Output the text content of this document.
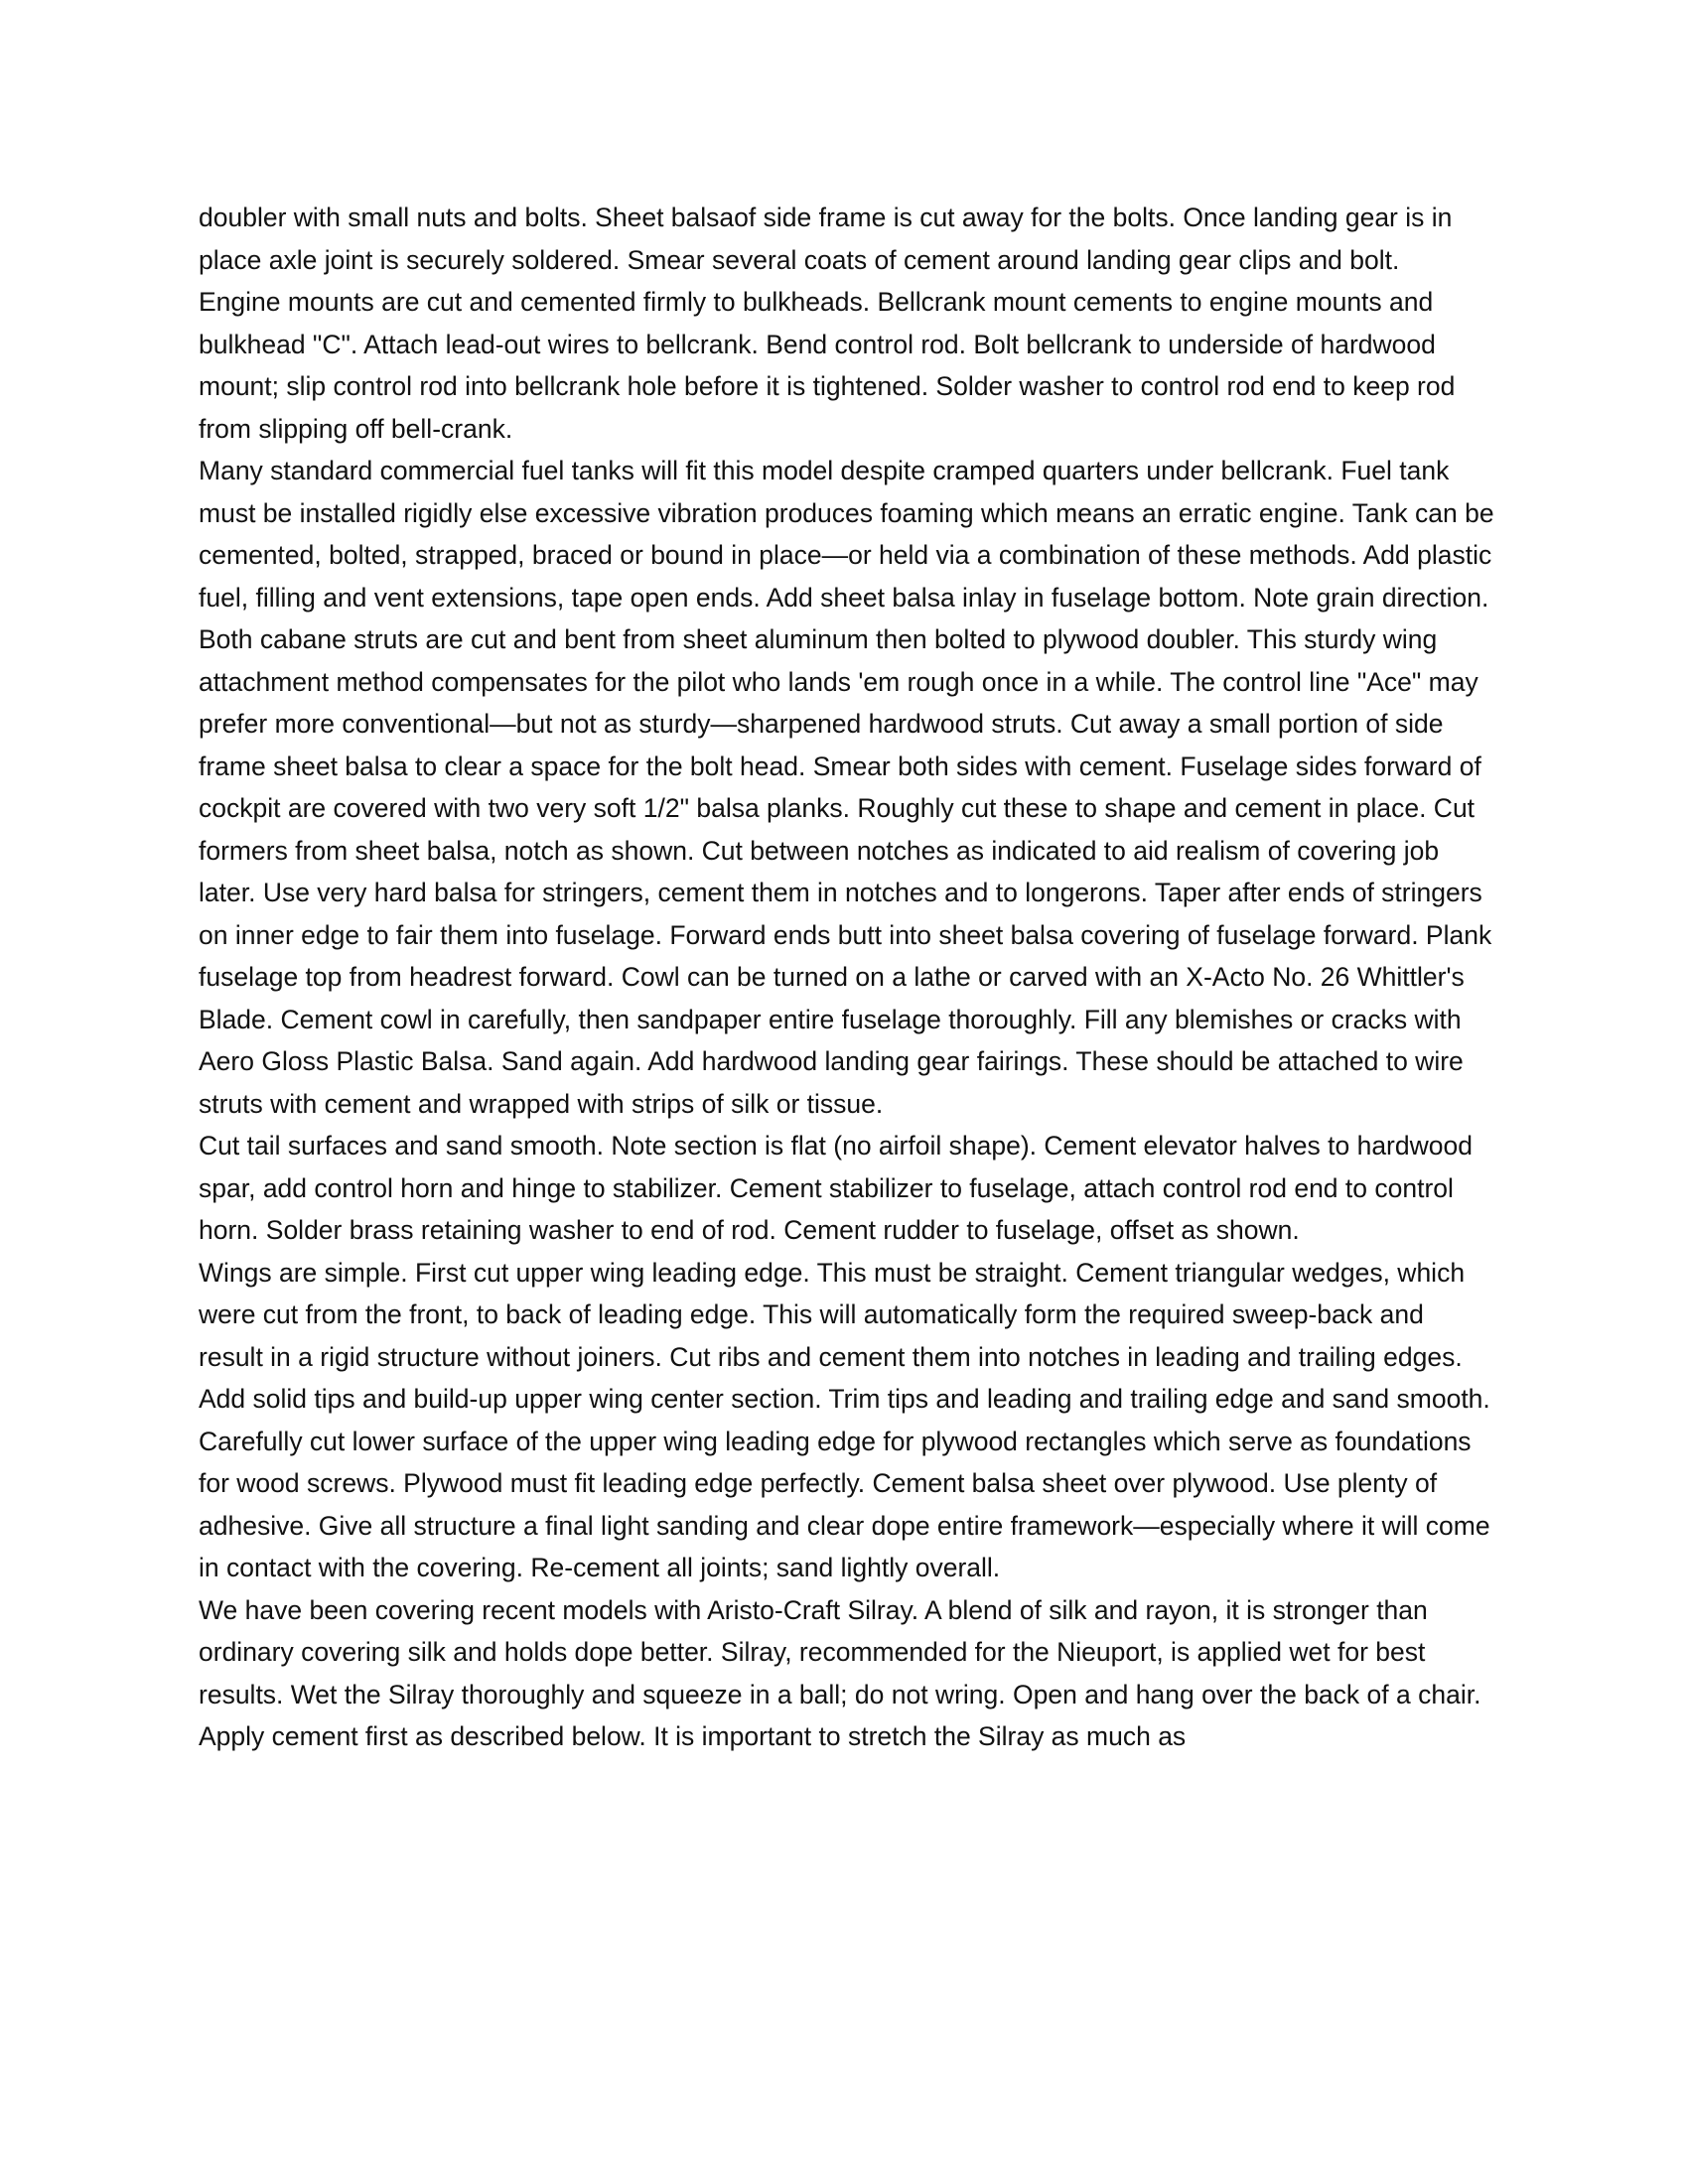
doubler with small nuts and bolts. Sheet balsaof side frame is cut away for the bolts. Once landing gear is in place axle joint is securely soldered. Smear several coats of cement around landing gear clips and bolt.

Engine mounts are cut and cemented firmly to bulkheads. Bellcrank mount cements to engine mounts and bulkhead "C". Attach lead-out wires to bellcrank. Bend control rod. Bolt bellcrank to underside of hardwood mount; slip control rod into bellcrank hole before it is tightened. Solder washer to control rod end to keep rod from slipping off bell-crank.

Many standard commercial fuel tanks will fit this model despite cramped quarters under bellcrank. Fuel tank must be installed rigidly else excessive vibration produces foaming which means an erratic engine. Tank can be cemented, bolted, strapped, braced or bound in place—or held via a combination of these methods. Add plastic fuel, filling and vent extensions, tape open ends. Add sheet balsa inlay in fuselage bottom. Note grain direction.

Both cabane struts are cut and bent from sheet aluminum then bolted to plywood doubler. This sturdy wing attachment method compensates for the pilot who lands 'em rough once in a while. The control line "Ace" may prefer more conventional—but not as sturdy—sharpened hardwood struts. Cut away a small portion of side frame sheet balsa to clear a space for the bolt head. Smear both sides with cement. Fuselage sides forward of cockpit are covered with two very soft 1/2" balsa planks. Roughly cut these to shape and cement in place. Cut formers from sheet balsa, notch as shown. Cut between notches as indicated to aid realism of covering job later. Use very hard balsa for stringers, cement them in notches and to longerons. Taper after ends of stringers on inner edge to fair them into fuselage. Forward ends butt into sheet balsa covering of fuselage forward. Plank fuselage top from headrest forward. Cowl can be turned on a lathe or carved with an X-Acto No. 26 Whittler's Blade. Cement cowl in carefully, then sandpaper entire fuselage thoroughly. Fill any blemishes or cracks with Aero Gloss Plastic Balsa. Sand again. Add hardwood landing gear fairings. These should be attached to wire struts with cement and wrapped with strips of silk or tissue.

Cut tail surfaces and sand smooth. Note section is flat (no airfoil shape). Cement elevator halves to hardwood spar, add control horn and hinge to stabilizer. Cement stabilizer to fuselage, attach control rod end to control horn. Solder brass retaining washer to end of rod. Cement rudder to fuselage, offset as shown.

Wings are simple. First cut upper wing leading edge. This must be straight. Cement triangular wedges, which were cut from the front, to back of leading edge. This will automatically form the required sweep-back and result in a rigid structure without joiners. Cut ribs and cement them into notches in leading and trailing edges. Add solid tips and build-up upper wing center section. Trim tips and leading and trailing edge and sand smooth. Carefully cut lower surface of the upper wing leading edge for plywood rectangles which serve as foundations for wood screws. Plywood must fit leading edge perfectly. Cement balsa sheet over plywood. Use plenty of adhesive. Give all structure a final light sanding and clear dope entire framework—especially where it will come in contact with the covering. Re-cement all joints; sand lightly overall.

We have been covering recent models with Aristo-Craft Silray. A blend of silk and rayon, it is stronger than ordinary covering silk and holds dope better. Silray, recommended for the Nieuport, is applied wet for best results. Wet the Silray thoroughly and squeeze in a ball; do not wring. Open and hang over the back of a chair. Apply cement first as described below. It is important to stretch the Silray as much as
